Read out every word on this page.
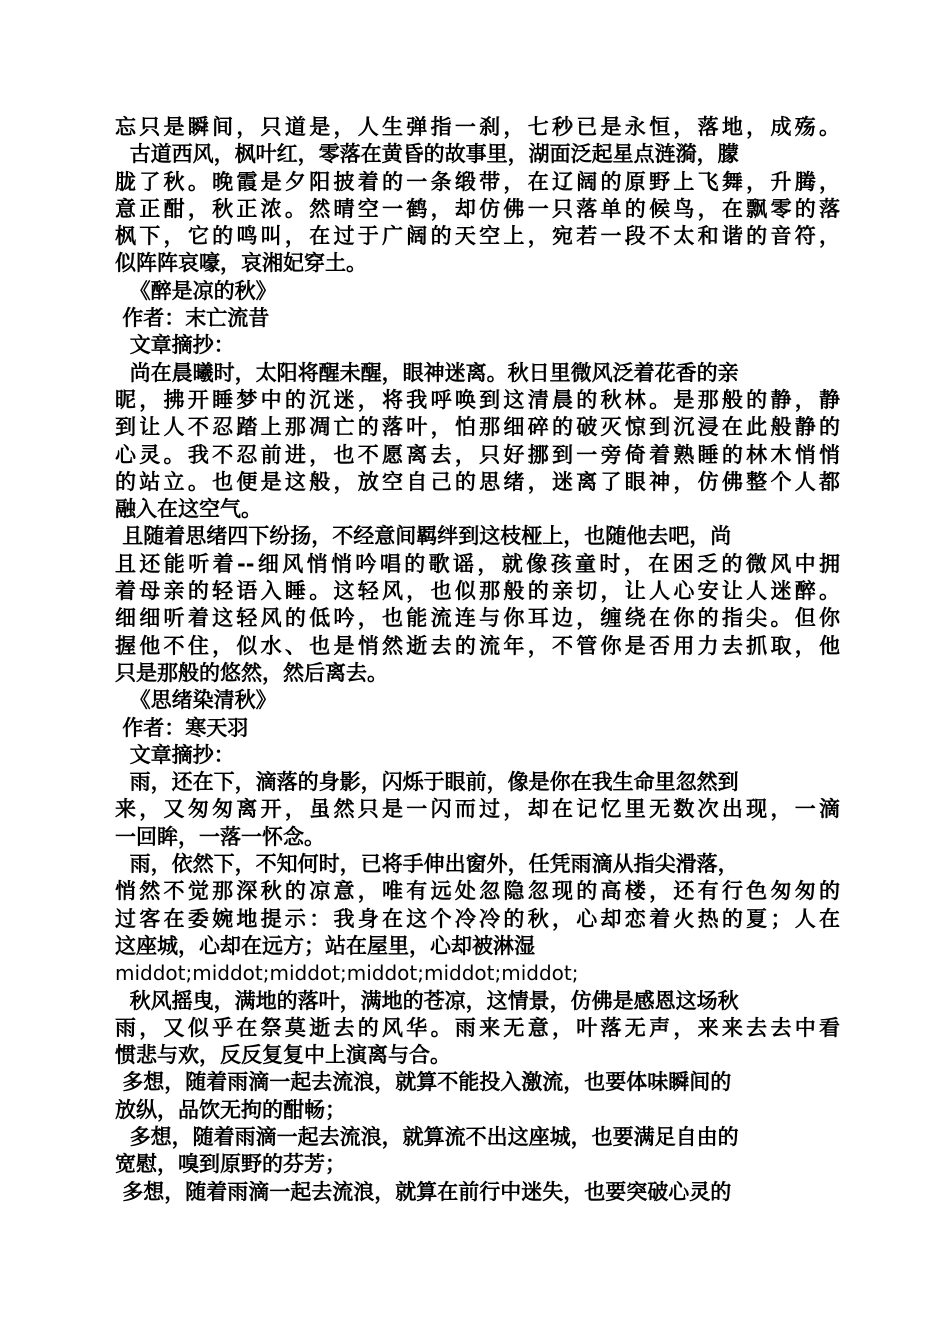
忘只是瞬间，只道是，人生弹指一刹，七秒已是永恒，落地，成殇。
古道西风，枫叶红，零落在黄昏的故事里，湖面泛起星点涟漪，朦
胧了秋。晚霞是夕阳披着的一条缎带，在辽阔的原野上飞舞，升腾，
意正酣，秋正浓。然晴空一鹤，却仿佛一只落单的候鸟，在飘零的落
枫下，它的鸣叫，在过于广阔的天空上，宛若一段不太和谐的音符，
似阵阵哀嚎，哀湘妃穿土。
《醉是凉的秋》
作者：末亡流昔
文章摘抄：
尚在晨曦时，太阳将醒未醒，眼神迷离。秋日里微风泛着花香的亲
昵，拂开睡梦中的沉迷，将我呼唤到这清晨的秋林。是那般的静，静
到让人不忍踏上那凋亡的落叶，怕那细碎的破灭惊到沉浸在此般静的
心灵。我不忍前进，也不愿离去，只好挪到一旁倚着熟睡的林木悄悄
的站立。也便是这般，放空自己的思绪，迷离了眼神，仿佛整个人都
融入在这空气。
且随着思绪四下纷扬，不经意间羁绊到这枝桠上，也随他去吧，尚
且还能听着--细风悄悄吟唱的歌谣，就像孩童时，在困乏的微风中拥
着母亲的轻语入睡。这轻风，也似那般的亲切，让人心安让人迷醉。
细细听着这轻风的低吟，也能流连与你耳边，缠绕在你的指尖。但你
握他不住，似水、也是悄然逝去的流年，不管你是否用力去抓取，他
只是那般的悠然，然后离去。
《思绪染清秋》
作者：寒天羽
文章摘抄：
雨，还在下，滴落的身影，闪烁于眼前，像是你在我生命里忽然到
来，又匆匆离开，虽然只是一闪而过，却在记忆里无数次出现，一滴
一回眸，一落一怀念。
雨，依然下，不知何时，已将手伸出窗外，任凭雨滴从指尖滑落，
悄然不觉那深秋的凉意，唯有远处忽隐忽现的高楼，还有行色匆匆的
过客在委婉地提示：我身在这个冷冷的秋，心却恋着火热的夏；人在
这座城，心却在远方；站在屋里，心却被淋湿
middot;middot;middot;middot;middot;middot;
秋风摇曳，满地的落叶，满地的苍凉，这情景，仿佛是感恩这场秋
雨，又似乎在祭莫逝去的风华。雨来无意，叶落无声，来来去去中看
惯悲与欢，反反复复中上演离与合。
多想，随着雨滴一起去流浪，就算不能投入激流，也要体味瞬间的
放纵，品饮无拘的酣畅；
多想，随着雨滴一起去流浪，就算流不出这座城，也要满足自由的
宽慰，嗅到原野的芬芳；
多想，随着雨滴一起去流浪，就算在前行中迷失，也要突破心灵的
